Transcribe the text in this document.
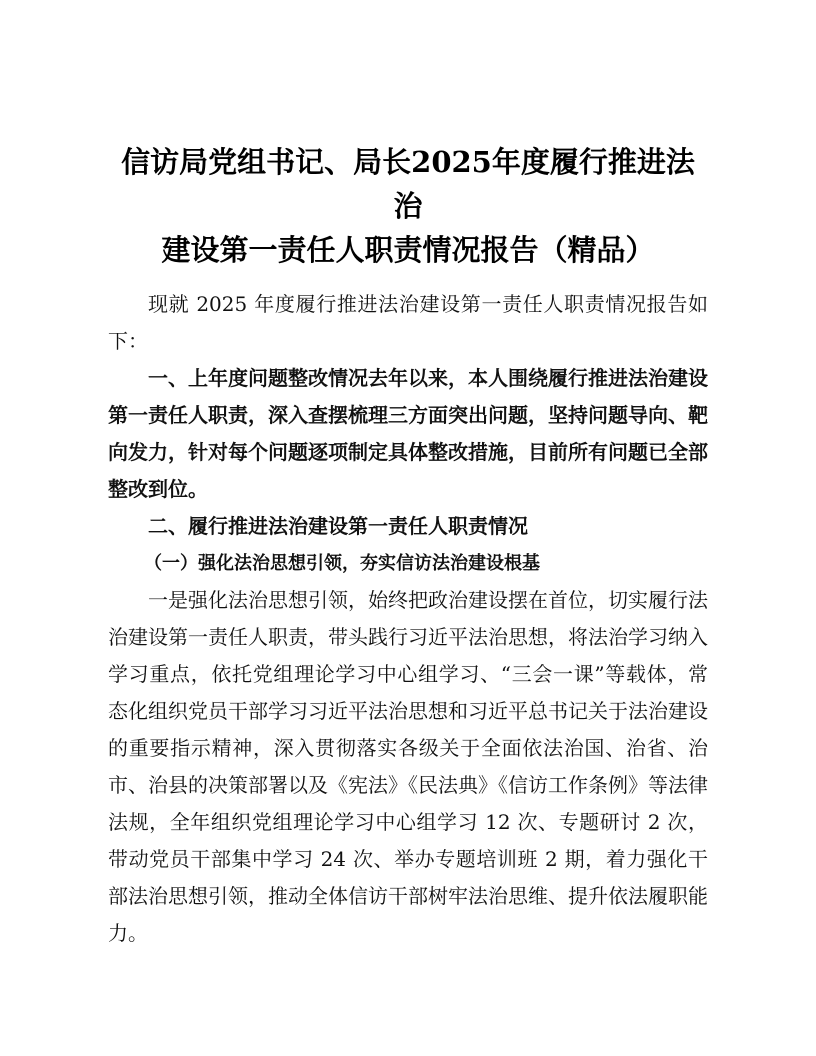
信访局党组书记、局长2025年度履行推进法治
建设第一责任人职责情况报告（精品）

现就 2025 年度履行推进法治建设第一责任人职责情况报告如下：

一、上年度问题整改情况去年以来，本人围绕履行推进法治建设第一责任人职责，深入查摆梳理三方面突出问题，坚持问题导向、靶向发力，针对每个问题逐项制定具体整改措施，目前所有问题已全部整改到位。

二、履行推进法治建设第一责任人职责情况

（一）强化法治思想引领，夯实信访法治建设根基

一是强化法治思想引领，始终把政治建设摆在首位，切实履行法治建设第一责任人职责，带头践行习近平法治思想，将法治学习纳入学习重点，依托党组理论学习中心组学习、“三会一课”等载体，常态化组织党员干部学习习近平法治思想和习近平总书记关于法治建设的重要指示精神，深入贯彻落实各级关于全面依法治国、治省、治市、治县的决策部署以及《宪法》《民法典》《信访工作条例》等法律法规，全年组织党组理论学习中心组学习 12 次、专题研讨 2 次，带动党员干部集中学习 24 次、举办专题培训班 2 期，着力强化干部法治思想引领，推动全体信访干部树牢法治思维、提升依法履职能力。
